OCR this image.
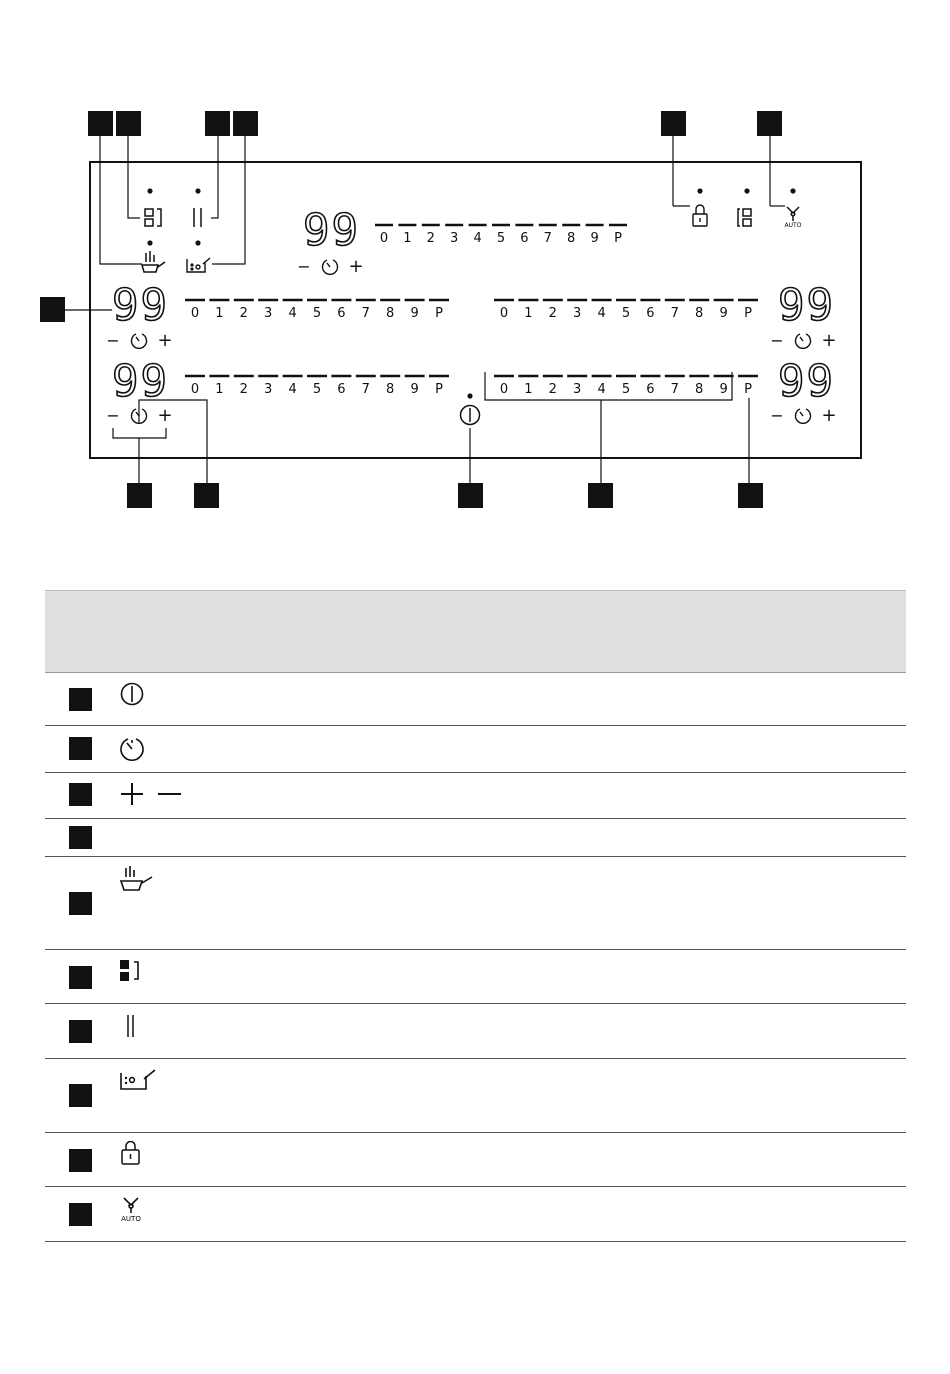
AUTO
99 0 1 2 3 4 5 6 7 8 9 P
− +
99 0 1 2 3 4 5 6 7 8 9 P
− +
99 0 1 2 3 4 5 6 7 8 9 P
− +
99
0 1 2 3 4 5 6 7 8 9 P
− +
99
0 1 2 3 4 5 6 7 8 9 P
− +
AUTO
